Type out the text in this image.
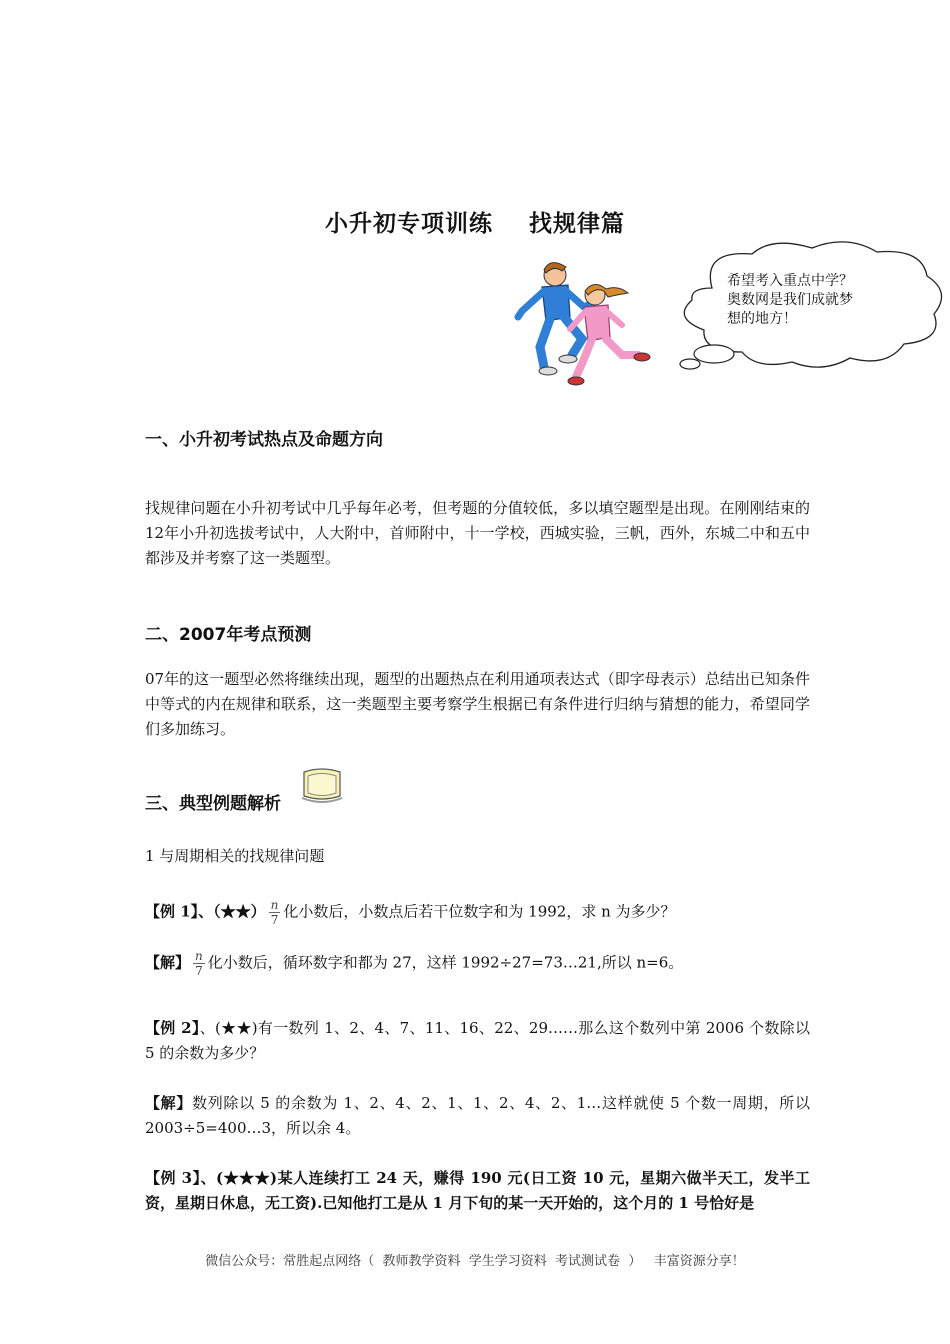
小升初专项训练    找规律篇
希望考入重点中学？
奥数网是我们成就梦
想的地方！
一、小升初考试热点及命题方向
找规律问题在小升初考试中几乎每年必考，但考题的分值较低，多以填空题型是出现。在刚刚结束的12年小升初选拔考试中，人大附中，首师附中，十一学校，西城实验，三帆，西外，东城二中和五中都涉及并考察了这一类题型。
二、2007年考点预测
07年的这一题型必然将继续出现，题型的出题热点在利用通项表达式（即字母表示）总结出已知条件中等式的内在规律和联系，这一类题型主要考察学生根据已有条件进行归纳与猜想的能力，希望同学们多加练习。
三、典型例题解析
1 与周期相关的找规律问题
【例 1】、（★★） $\frac{n}{7}$ 化小数后，小数点后若干位数字和为 1992，求 n 为多少？
【解】 $\frac{n}{7}$ 化小数后，循环数字和都为 27，这样 1992÷27=73…21,所以 n=6。
【例 2】、(★★)有一数列 1、2、4、7、11、16、22、29……那么这个数列中第 2006 个数除以 5 的余数为多少？
【解】数列除以 5 的余数为 1、2、4、2、1、1、2、4、2、1…这样就使 5 个数一周期，所以 2003÷5=400…3，所以余 4。
【例 3】、(★★★)某人连续打工 24 天，赚得 190 元(日工资 10 元，星期六做半天工，发半工资，星期日休息，无工资).已知他打工是从 1 月下旬的某一天开始的，这个月的 1 号恰好是
微信公众号：常胜起点网络（  教师教学资料  学生学习资料  考试测试卷  ）   丰富资源分享！
